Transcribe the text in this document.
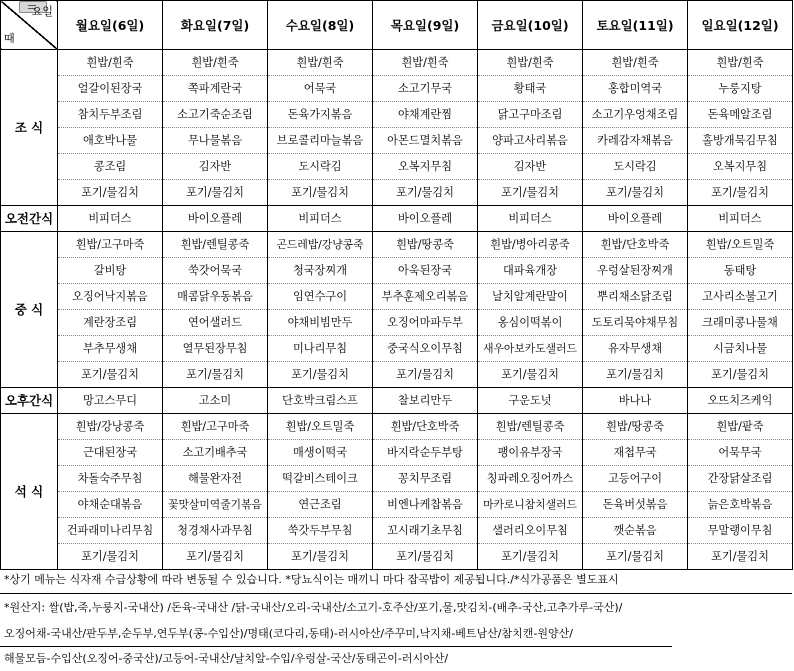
요일
때	월요일(6일)	화요일(7일)	수요일(8일)	목요일(9일)	금요일(10일)	토요일(11일)	일요일(12일)
조 식	흰밥/흰죽	흰밥/흰죽	흰밥/흰죽	흰밥/흰죽	흰밥/흰죽	흰밥/흰죽	흰밥/흰죽
	얼갈이된장국	쪽파계란국	어묵국	소고기무국	황태국	홍합미역국	누룽지탕
	참치두부조림	소고기죽순조림	돈육가지볶음	야채계란찜	닭고구마조림	소고기우엉채조림	돈육메알조림
	애호박나물	무나물볶음	브로콜리마늘볶음	아몬드멸치볶음	양파고사리볶음	카레감자채볶음	홀방개묵김무침
	콩조림	김자반	도시락김	오복지무침	김자반	도시락김	오복지무침
	포기/물김치	포기/물김치	포기/물김치	포기/물김치	포기/물김치	포기/물김치	포기/물김치
오전간식	비피더스	바이오플레	비피더스	바이오플레	비피더스	바이오플레	비피더스
중 식	흰밥/고구마죽	흰밥/렌틸콩죽	곤드레밥/강냥콩죽	흰밥/땅콩죽	흰밥/병아리콩죽	흰밥/단호박죽	흰밥/오트밀죽
	갈비탕	쑥갓어묵국	청국장찌개	아욱된장국	대파육개장	우렁살된장찌개	동태탕
	오징어낙지볶음	매콤닭우동볶음	임연수구이	부추훈제오리볶음	날치알계란말이	뿌리채소닭조림	고사리소불고기
	계란장조림	연어샐러드	야채비빔만두	오징어마파두부	옹심이떡볶이	도토리묵야채무침	크래미콩나물채
	부추무생채	열무된장무침	미나리무침	중국식오이무침	새우아보카도샐러드	유자무생채	시금치나물
	포기/물김치	포기/물김치	포기/물김치	포기/물김치	포기/물김치	포기/물김치	포기/물김치
오후간식	망고스무디	고소미	단호박크림스프	찰보리만두	구운도넛	바나나	오뜨치즈케익
석 식	흰밥/강낭콩죽	흰밥/고구마죽	흰밥/오트밀죽	흰밥/단호박죽	흰밥/렌틸콩죽	흰밥/땅콩죽	흰밥/팥죽
	근대된장국	소고기배추국	매생이떡국	바지락순두부탕	팽이유부장국	재첩무국	어묵무국
	차돌숙주무침	해물완자전	떡갈비스테이크	꽁치무조림	칭파레오징어까스	고등어구이	간장닭살조림
	야채순대볶음	꽃맛살미역줄기볶음	연근조림	비엔나케찹볶음	마카로니참치샐러드	돈육버섯볶음	늙은호박볶음
	건파래미나리무침	청경채사과무침	쑥갓두부무침	꼬시래기초무침	샐러리오이무침	깻순볶음	무말랭이무침
	포기/물김치	포기/물김치	포기/물김치	포기/물김치	포기/물김치	포기/물김치	포기/물김치
*상기 메뉴는 식자재 수급상황에 따라 변동될 수 있습니다. *당뇨식이는 매끼니 마다 잡곡밥이 제공됩니다./*식가공품은 별도표시
*원산지: 쌀(밥,죽,누룽지-국내산) /돈육-국내산 /닭-국내산/오리-국내산/소고기-호주산/포기,물,맛김치-(배추-국산,고추가루-국산)/
오징어채-국내산/판두부,순두부,연두부(콩-수입산)/명태(코다리,동태)-러시아산/주꾸미,낙지채-베트남산/참치캔-원양산/
해물모듬-수입산(오징어-중국산)/고등어-국내산/날치알-수입/우렁살-국산/동태곤이-러시아산/
